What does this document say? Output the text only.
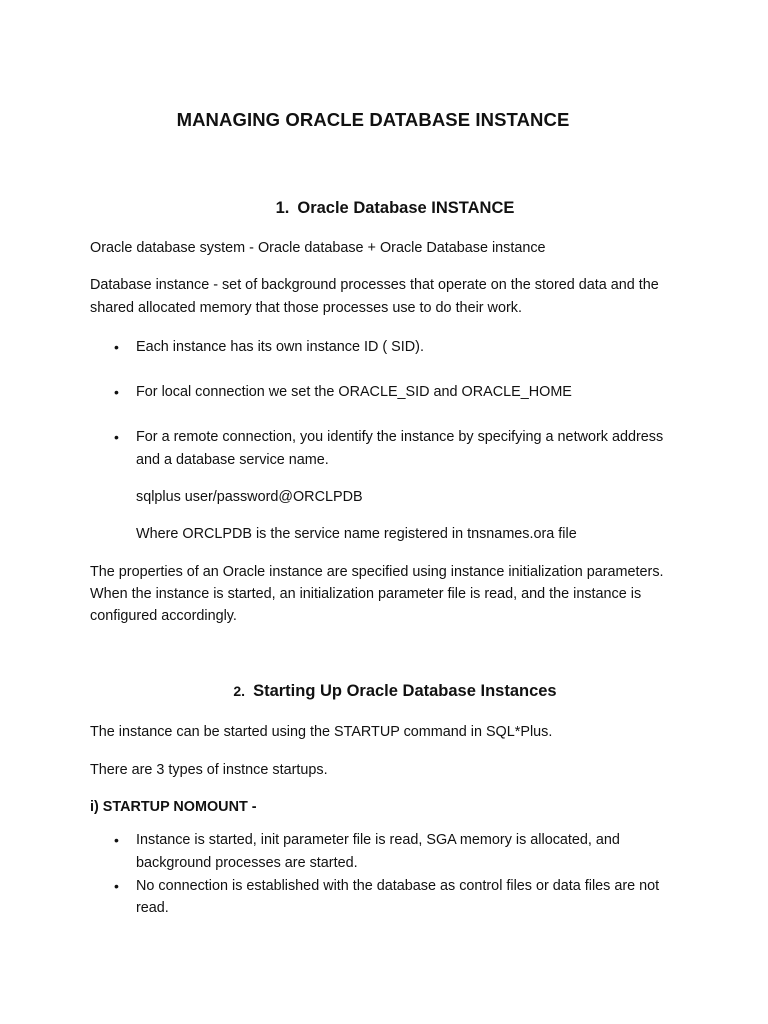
MANAGING ORACLE DATABASE INSTANCE
1. Oracle Database INSTANCE

Oracle database system - Oracle database + Oracle Database instance

Database instance - set of background processes that operate on the stored data and the

shared allocated memory that those processes use to do their work.

• Each instance has its own instance ID ( SID).

• For local connection we set the ORACLE_SID and ORACLE_HOME

• For a remote connection, you identify the instance by specifying a network address

and a database service name.

sqlplus user/password@ORCLPDB

Where ORCLPDB is the service name registered in tnsnames.ora file

The properties of an Oracle instance are specified using instance initialization parameters.

When the instance is started, an initialization parameter file is read, and the instance is

configured accordingly.

2. Starting Up Oracle Database Instances

The instance can be started using the STARTUP command in SQL*Plus.

There are 3 types of instnce startups.

i) STARTUP NOMOUNT -

• Instance is started, init parameter file is read, SGA memory is allocated, and

background processes are started.

• No connection is established with the database as control files or data files are not

read.
